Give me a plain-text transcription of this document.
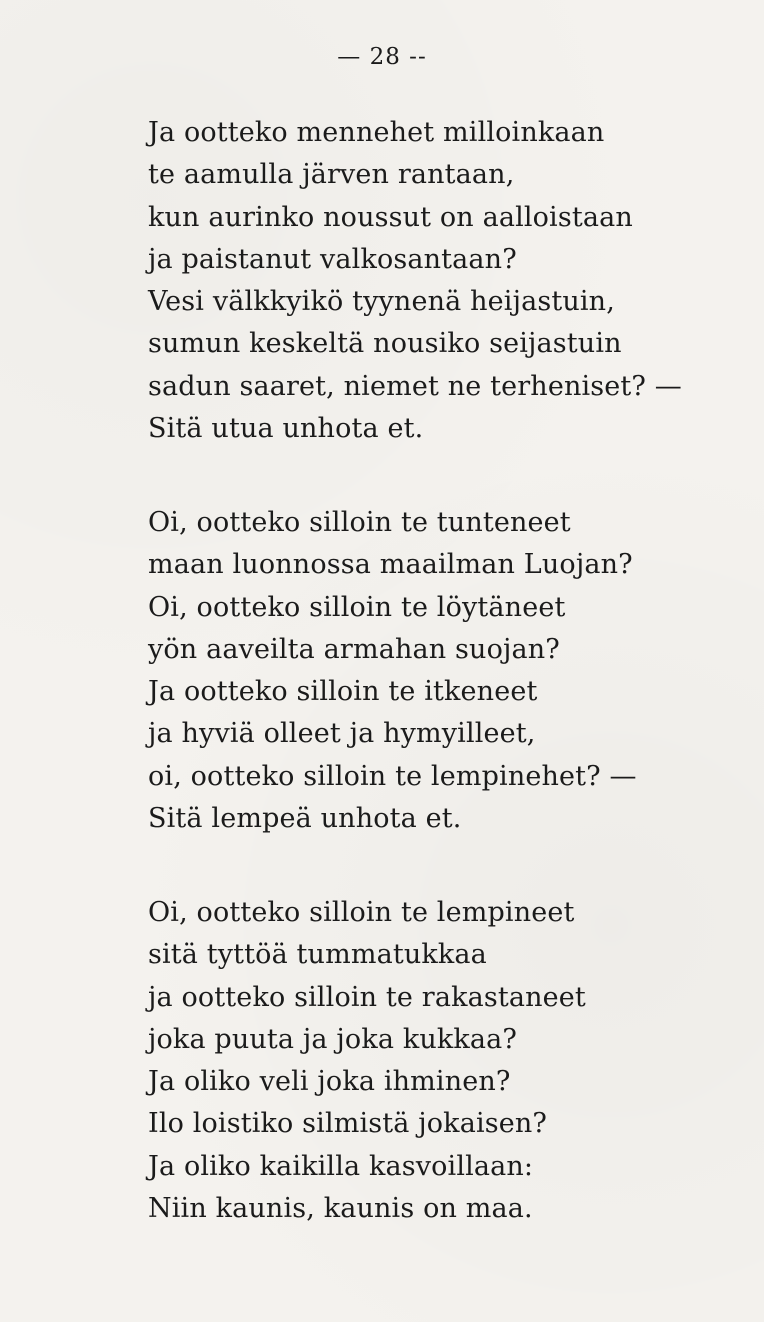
— 28 --
Ja ootteko mennehet milloinkaan
te aamulla järven rantaan,
kun aurinko noussut on aalloistaan
ja paistanut valkosantaan?
Vesi välkkyikö tyynenä heijastuin,
sumun keskeltä nousiko seijastuin
sadun saaret, niemet ne terheniset? —
Sitä utua unhota et.
Oi, ootteko silloin te tunteneet
maan luonnossa maailman Luojan?
Oi, ootteko silloin te löytäneet
yön aaveilta armahan suojan?
Ja ootteko silloin te itkeneet
ja hyviä olleet ja hymyilleet,
oi, ootteko silloin te lempinehet? —
Sitä lempeä unhota et.
Oi, ootteko silloin te lempineet
sitä tyttöä tummatukkaa
ja ootteko silloin te rakastaneet
joka puuta ja joka kukkaa?
Ja oliko veli joka ihminen?
Ilo loistiko silmistä jokaisen?
Ja oliko kaikilla kasvoillaan:
Niin kaunis, kaunis on maa.
